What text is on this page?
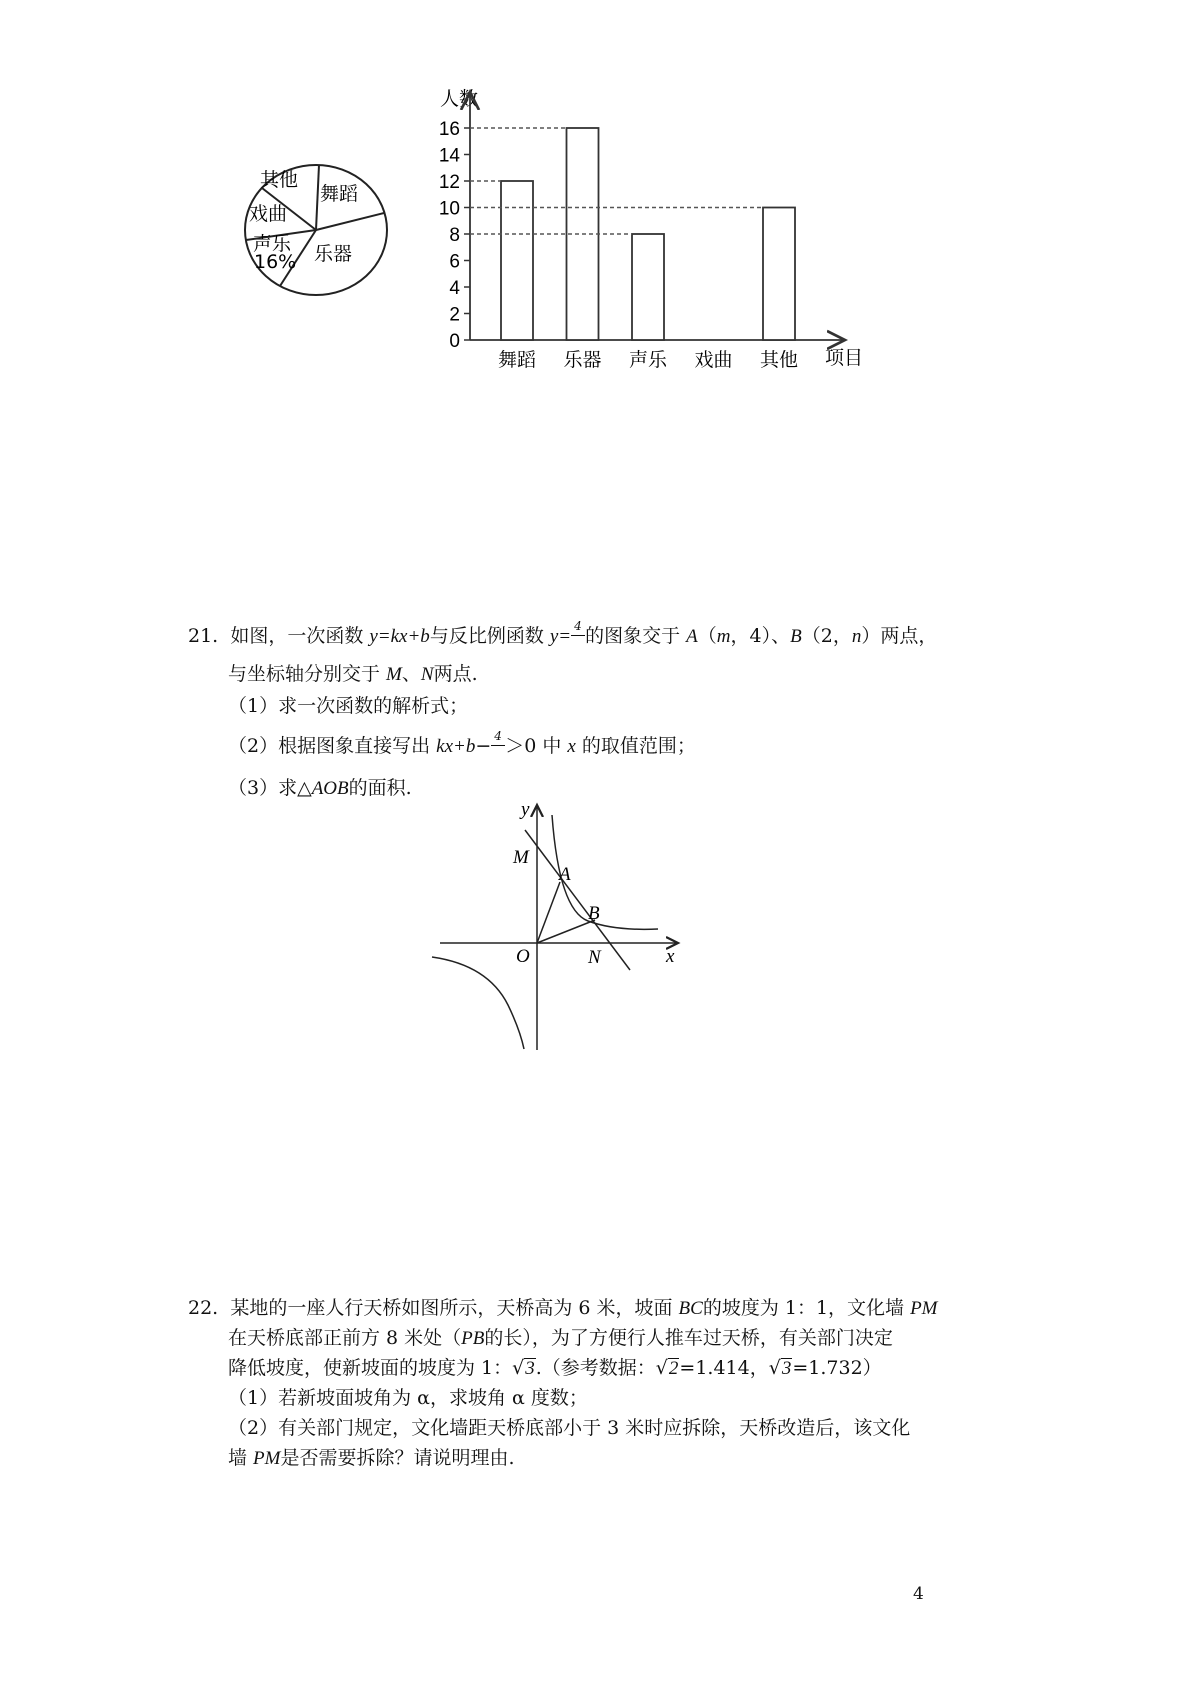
舞蹈
乐器
声乐
16%
戏曲
其他
人数
项目
0
2
4
6
8
10
12
14
16
舞蹈 乐器 声乐 戏曲 其他
21. 如图，一次函数 y=kx+b与反比例函数 y= 4 的图象交于 A（m，4）、B（2，n）两点，
与坐标轴分别交于 M、N两点.
（1）求一次函数的解析式；
（2）根据图象直接写出 kx+b− 4 ＞0 中 x 的取值范围；
（3）求△AOB的面积.
y
x
M
A
B
O	N
22. 某地的一座人行天桥如图所示，天桥高为 6 米，坡面 BC的坡度为 1：1，文化墙 PM
在天桥底部正前方 8 米处（PB的长），为了方便行人推车过天桥，有关部门决定
降低坡度，使新坡面的坡度为 1：√3.（参考数据：√2=1.414，√3=1.732）
（1）若新坡面坡角为 α，求坡角 α 度数；
（2）有关部门规定，文化墙距天桥底部小于 3 米时应拆除，天桥改造后，该文化
墙 PM是否需要拆除？请说明理由.
4
